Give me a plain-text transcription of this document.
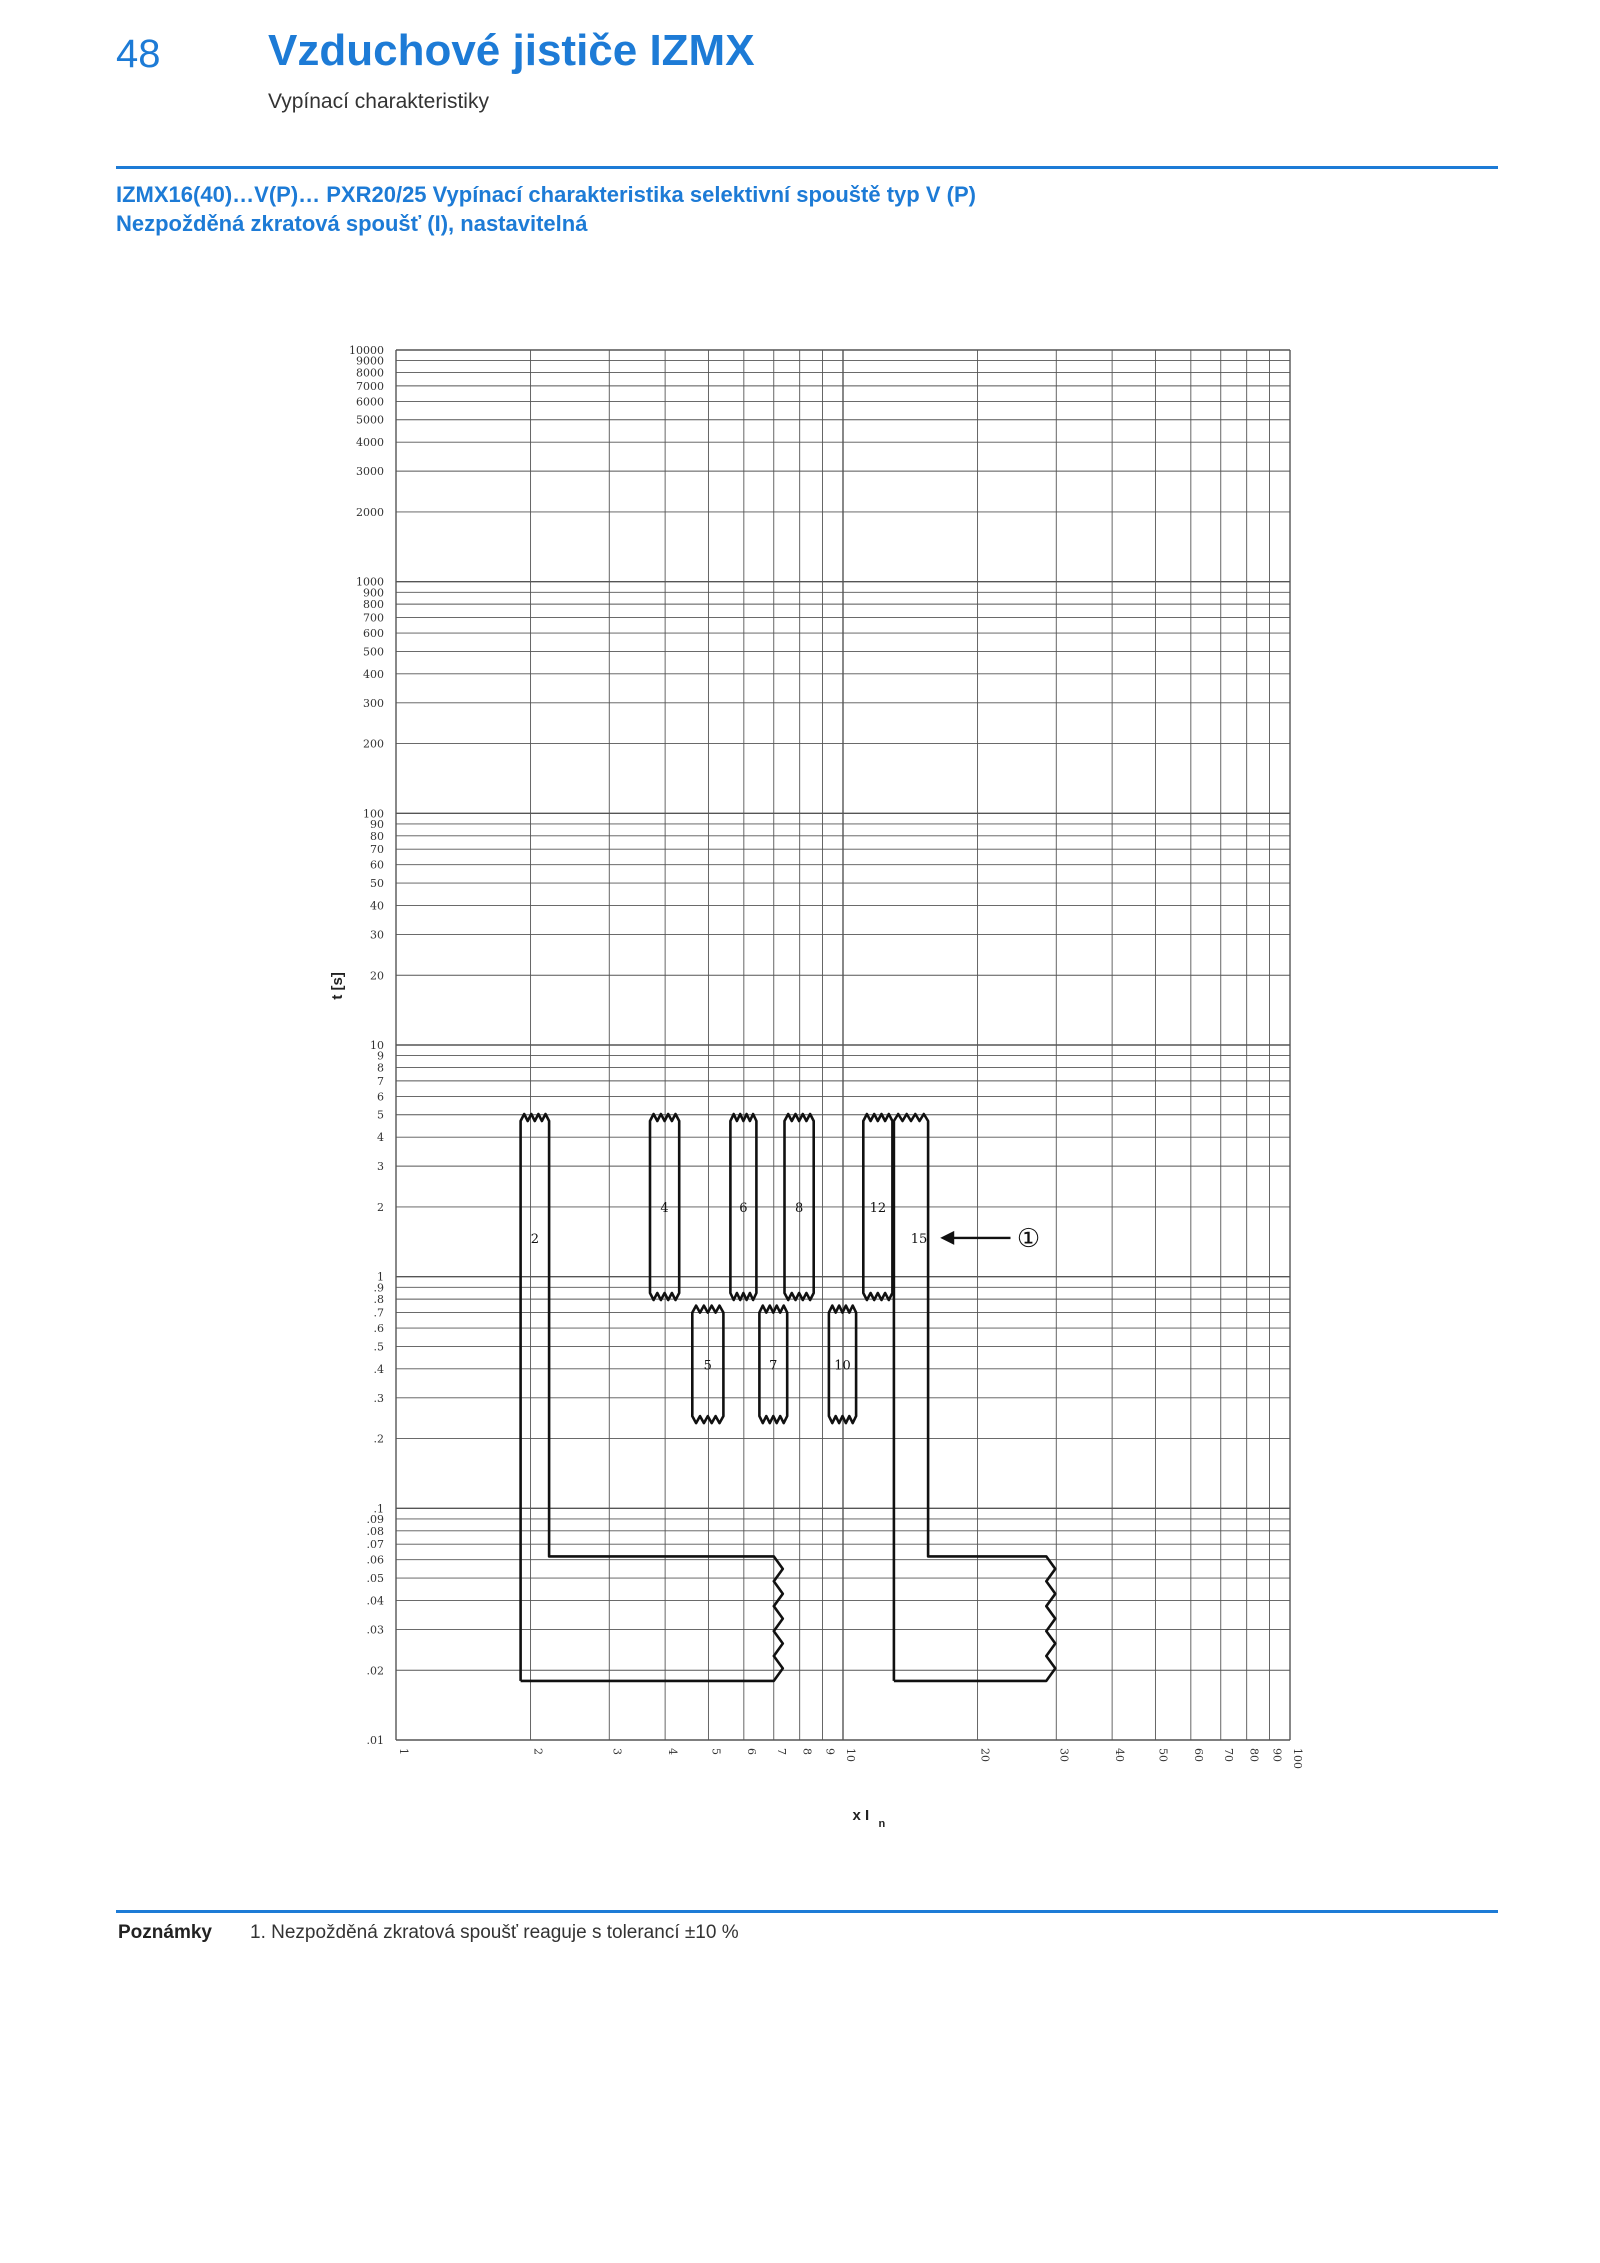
48 Vzduchové jističe IZMX
Vypínací charakteristiky
IZMX16(40)…V(P)… PXR20/25 Vypínací charakteristika selektivní spouště typ V (P)
Nezpožděná zkratová spoušť (I), nastavitelná
1	2	3	4	5 6 7 8 9 10	20	30	40	50 60 70 80 90 100
10000
9000
8000
7000
6000
5000
4000
3000
2000
1000
900
800
700
600
500
400
300
200
100
90
80
70
60
50
40
30
20
10
9
8
7
6
5
4
3
2
1
.9
.8
.7
.6
.5
.4
.3
.2
.1
.09
.08
.07
.06
.05
.04
.03
.02
.01
t [s]
x I n
4	6	8	12
5	7	10
2	15	①
Poznámky 1. Nezpožděná zkratová spoušť reaguje s tolerancí ±10 %
